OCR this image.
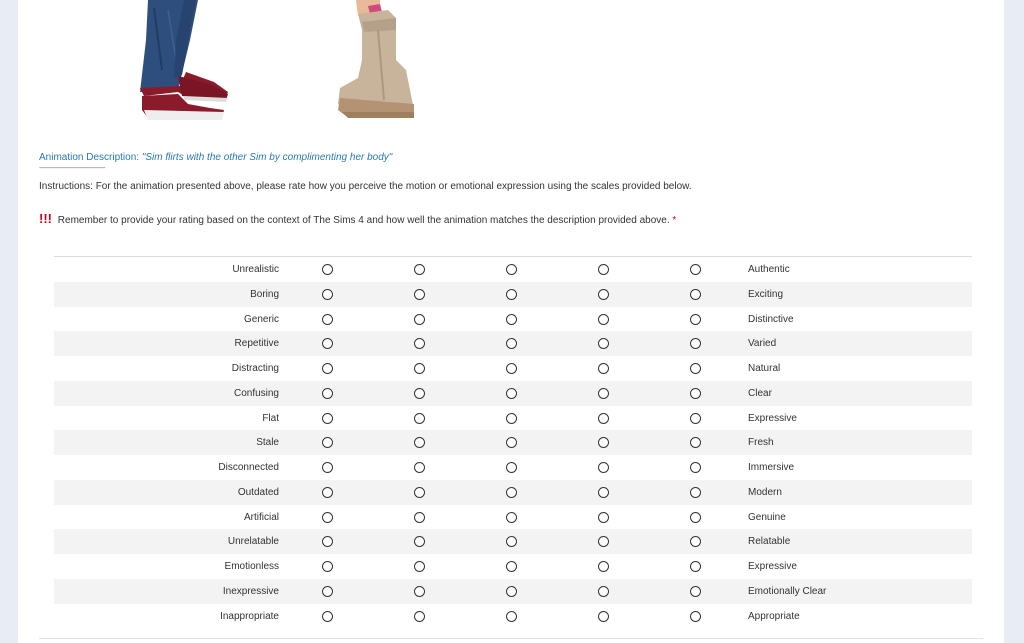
Animation Description: "Sim flirts with the other Sim by complimenting her body"
------------------------------------
Instructions: For the animation presented above, please rate how you perceive the motion or emotional expression using the scales provided below.
!!! Remember to provide your rating based on the context of The Sims 4 and how well the animation matches the description provided above. *
Unrealistic	Authentic
Boring	Exciting
Generic	Distinctive
Repetitive	Varied
Distracting	Natural
Confusing	Clear
Flat	Expressive
Stale	Fresh
Disconnected	Immersive
Outdated	Modern
Artificial	Genuine
Unrelatable	Relatable
Emotionless	Expressive
Inexpressive	Emotionally Clear
Inappropriate	Appropriate
